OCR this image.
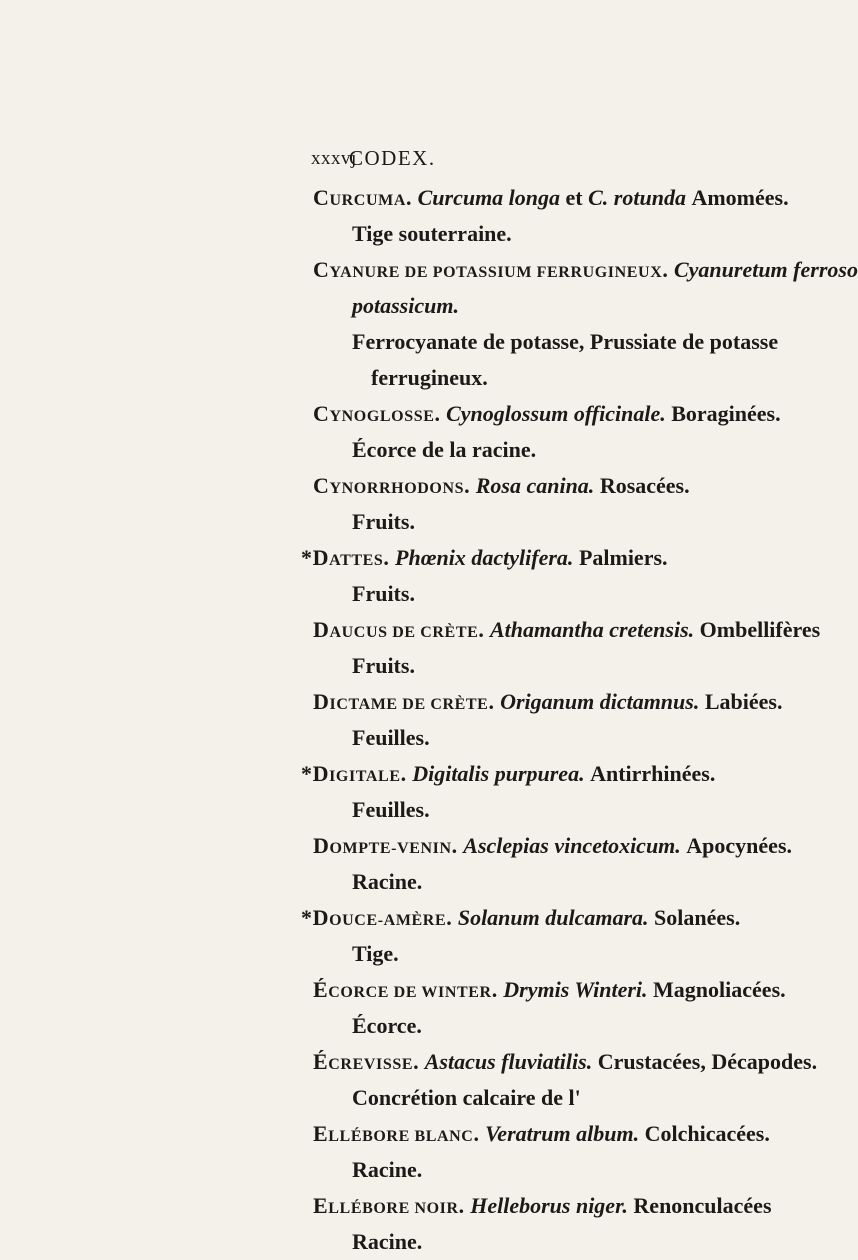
xxxvj
CODEX.
CURCUMA. Curcuma longa et C. rotunda Amomées.
Tige souterraine.
CYANURE DE POTASSIUM FERRUGINEUX. Cyanuretum ferroso
potassicum.
Ferrocyanate de potasse, Prussiate de potasse
ferrugineux.
CYNOGLOSSE. Cynoglossum officinale. Boraginées.
Écorce de la racine.
CYNORRHODONS. Rosa canina. Rosacées.
Fruits.
*DATTES. Phœnix dactylifera. Palmiers.
Fruits.
DAUCUS DE CRÈTE. Athamantha cretensis. Ombellifères
Fruits.
DICTAME DE CRÈTE. Origanum dictamnus. Labiées.
Feuilles.
*DIGITALE. Digitalis purpurea. Antirrhinées.
Feuilles.
DOMPTE-VENIN. Asclepias vincetoxicum. Apocynées.
Racine.
*DOUCE-AMÈRE. Solanum dulcamara. Solanées.
Tige.
ÉCORCE DE WINTER. Drymis Winteri. Magnoliacées.
Écorce.
ÉCREVISSE. Astacus fluviatilis. Crustacées, Décapodes.
Concrétion calcaire de l'
ELLÉBORE BLANC. Veratrum album. Colchicacées.
Racine.
ELLÉBORE NOIR. Helleborus niger. Renonculacées
Racine.
